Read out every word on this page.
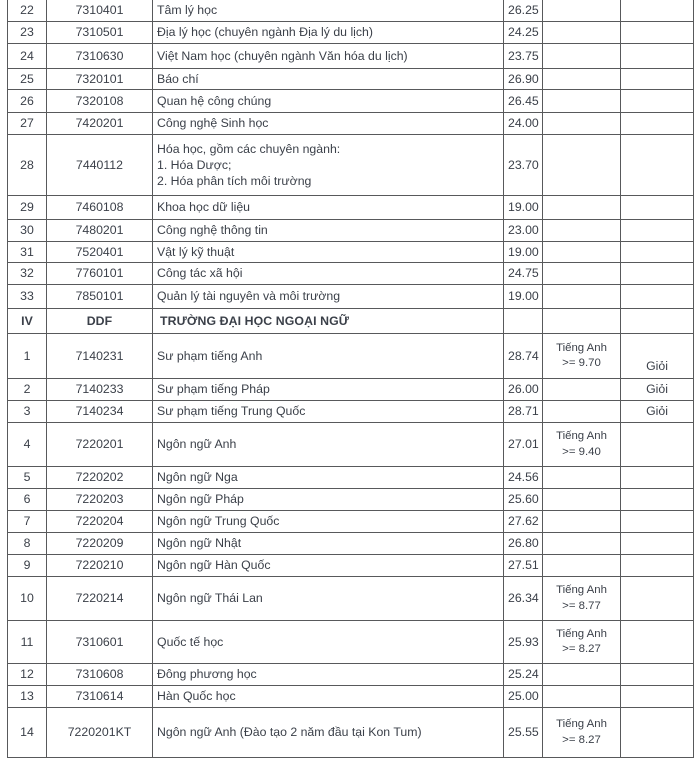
22	7310401	Tâm lý học	26.25		
23	7310501	Địa lý học (chuyên ngành Địa lý du lịch)	24.25		
24	7310630	Việt Nam học (chuyên ngành Văn hóa du lịch)	23.75		
25	7320101	Báo chí	26.90		
26	7320108	Quan hệ công chúng	26.45		
27	7420201	Công nghệ Sinh học	24.00		
28	7440112	Hóa học, gồm các chuyên ngành:
1. Hóa Dược;
2. Hóa phân tích môi trường	23.70		
29	7460108	Khoa học dữ liệu	19.00		
30	7480201	Công nghệ thông tin	23.00		
31	7520401	Vật lý kỹ thuật	19.00		
32	7760101	Công tác xã hội	24.75		
33	7850101	Quản lý tài nguyên và môi trường	19.00		
IV	DDF	TRƯỜNG ĐẠI HỌC NGOẠI NGỮ			
1	7140231	Sư phạm tiếng Anh	28.74	Tiếng Anh
>= 9.70	Giỏi
2	7140233	Sư phạm tiếng Pháp	26.00		Giỏi
3	7140234	Sư phạm tiếng Trung Quốc	28.71		Giỏi
4	7220201	Ngôn ngữ Anh	27.01	Tiếng Anh
>= 9.40	

5	7220202	Ngôn ngữ Nga	24.56		
6	7220203	Ngôn ngữ Pháp	25.60		
7	7220204	Ngôn ngữ Trung Quốc	27.62		
8	7220209	Ngôn ngữ Nhật	26.80		
9	7220210	Ngôn ngữ Hàn Quốc	27.51		
10	7220214	Ngôn ngữ Thái Lan	26.34	Tiếng Anh
>= 8.77	

11	7310601	Quốc tế học	25.93	Tiếng Anh
>= 8.27	

12	7310608	Đông phương học	25.24		
13	7310614	Hàn Quốc học	25.00		
14	7220201KT	Ngôn ngữ Anh (Đào tạo 2 năm đầu tại Kon Tum)	25.55	Tiếng Anh
>= 8.27	
